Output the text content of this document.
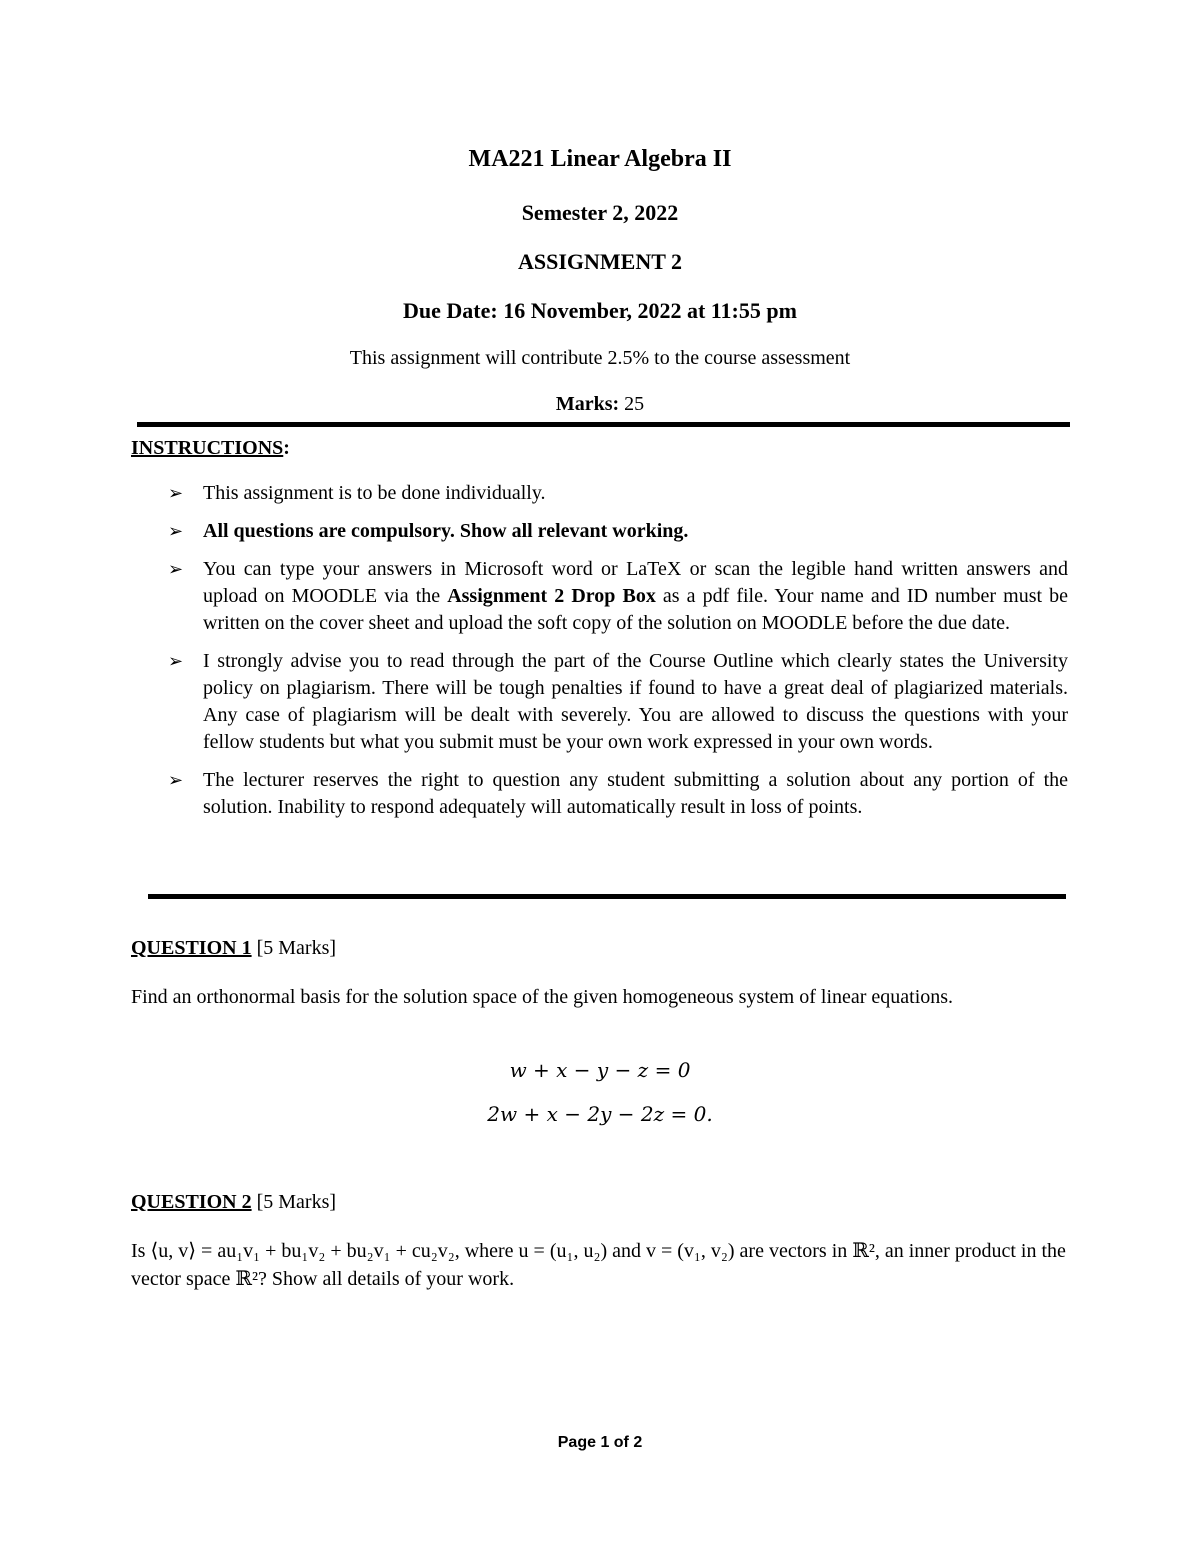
MA221 Linear Algebra II
Semester 2, 2022
ASSIGNMENT 2
Due Date: 16 November, 2022 at 11:55 pm
This assignment will contribute 2.5% to the course assessment
Marks: 25
INSTRUCTIONS:
➢ This assignment is to be done individually.
➢ All questions are compulsory. Show all relevant working.
➢ You can type your answers in Microsoft word or LaTeX or scan the legible hand written answers and upload on MOODLE via the Assignment 2 Drop Box as a pdf file. Your name and ID number must be written on the cover sheet and upload the soft copy of the solution on MOODLE before the due date.
➢ I strongly advise you to read through the part of the Course Outline which clearly states the University policy on plagiarism. There will be tough penalties if found to have a great deal of plagiarized materials. Any case of plagiarism will be dealt with severely. You are allowed to discuss the questions with your fellow students but what you submit must be your own work expressed in your own words.
➢ The lecturer reserves the right to question any student submitting a solution about any portion of the solution. Inability to respond adequately will automatically result in loss of points.
QUESTION 1 [5 Marks]
Find an orthonormal basis for the solution space of the given homogeneous system of linear equations.
w + x − y − z = 0
2w + x − 2y − 2z = 0.
QUESTION 2 [5 Marks]
Is ⟨u, v⟩ = au₁v₁ + bu₁v₂ + bu₂v₁ + cu₂v₂, where u = (u₁, u₂) and v = (v₁, v₂) are vectors in ℝ², an inner product in the vector space ℝ²? Show all details of your work.
Page 1 of 2
